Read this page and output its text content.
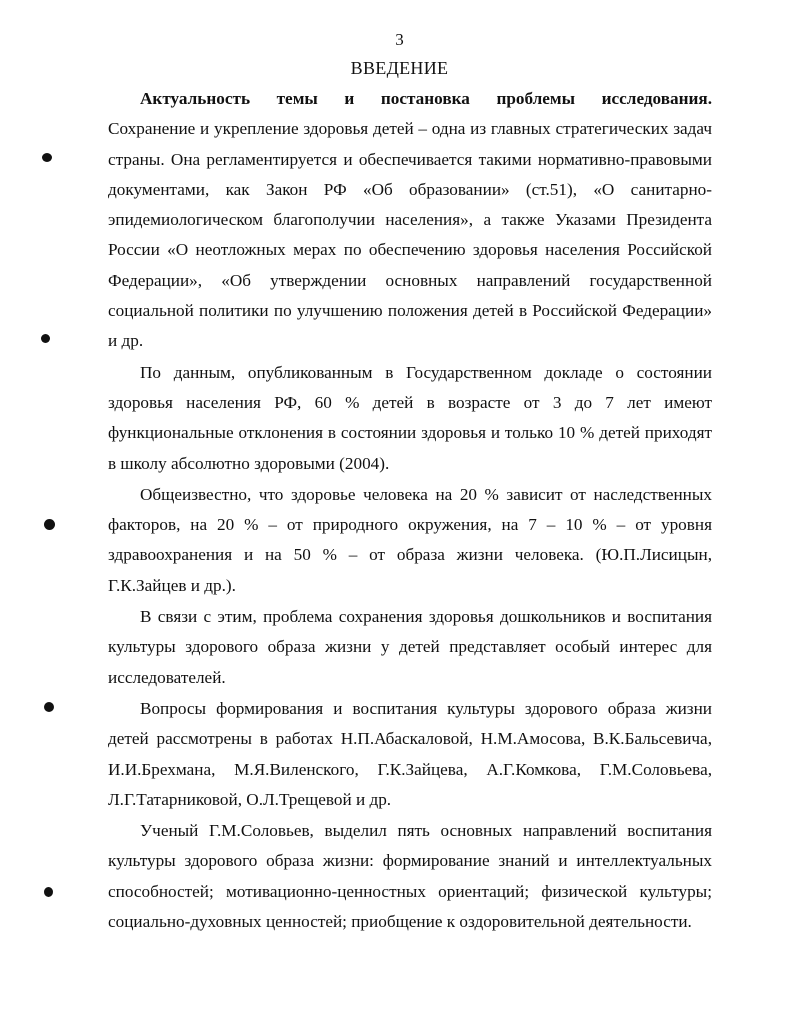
3
ВВЕДЕНИЕ

Актуальность темы и постановка проблемы исследования. Сохранение и укрепление здоровья детей – одна из главных стратегических задач страны. Она регламентируется и обеспечивается такими нормативно-правовыми документами, как Закон РФ «Об образовании» (ст.51), «О санитарно-эпидемиологическом благополучии населения», а также Указами Президента России «О неотложных мерах по обеспечению здоровья населения Российской Федерации», «Об утверждении основных направлений государственной социальной политики по улучшению положения детей в Российской Федерации» и др.

По данным, опубликованным в Государственном докладе о состоянии здоровья населения РФ, 60 % детей в возрасте от 3 до 7 лет имеют функциональные отклонения в состоянии здоровья и только 10 % детей приходят в школу абсолютно здоровыми (2004).

Общеизвестно, что здоровье человека на 20 % зависит от наследственных факторов, на 20 % – от природного окружения, на 7 – 10 % – от уровня здравоохранения и на 50 % – от образа жизни человека. (Ю.П.Лисицын, Г.К.Зайцев и др.).

В связи с этим, проблема сохранения здоровья дошкольников и воспитания культуры здорового образа жизни у детей представляет особый интерес для исследователей.

Вопросы формирования и воспитания культуры здорового образа жизни детей рассмотрены в работах Н.П.Абаскаловой, Н.М.Амосова, В.К.Бальсевича, И.И.Брехмана, М.Я.Виленского, Г.К.Зайцева, А.Г.Комкова, Г.М.Соловьева, Л.Г.Татарниковой, О.Л.Трещевой и др.

Ученый Г.М.Соловьев, выделил пять основных направлений воспитания культуры здорового образа жизни: формирование знаний и интеллектуальных способностей; мотивационно-ценностных ориентаций; физической культуры; социально-духовных ценностей; приобщение к оздоровительной деятельности.
